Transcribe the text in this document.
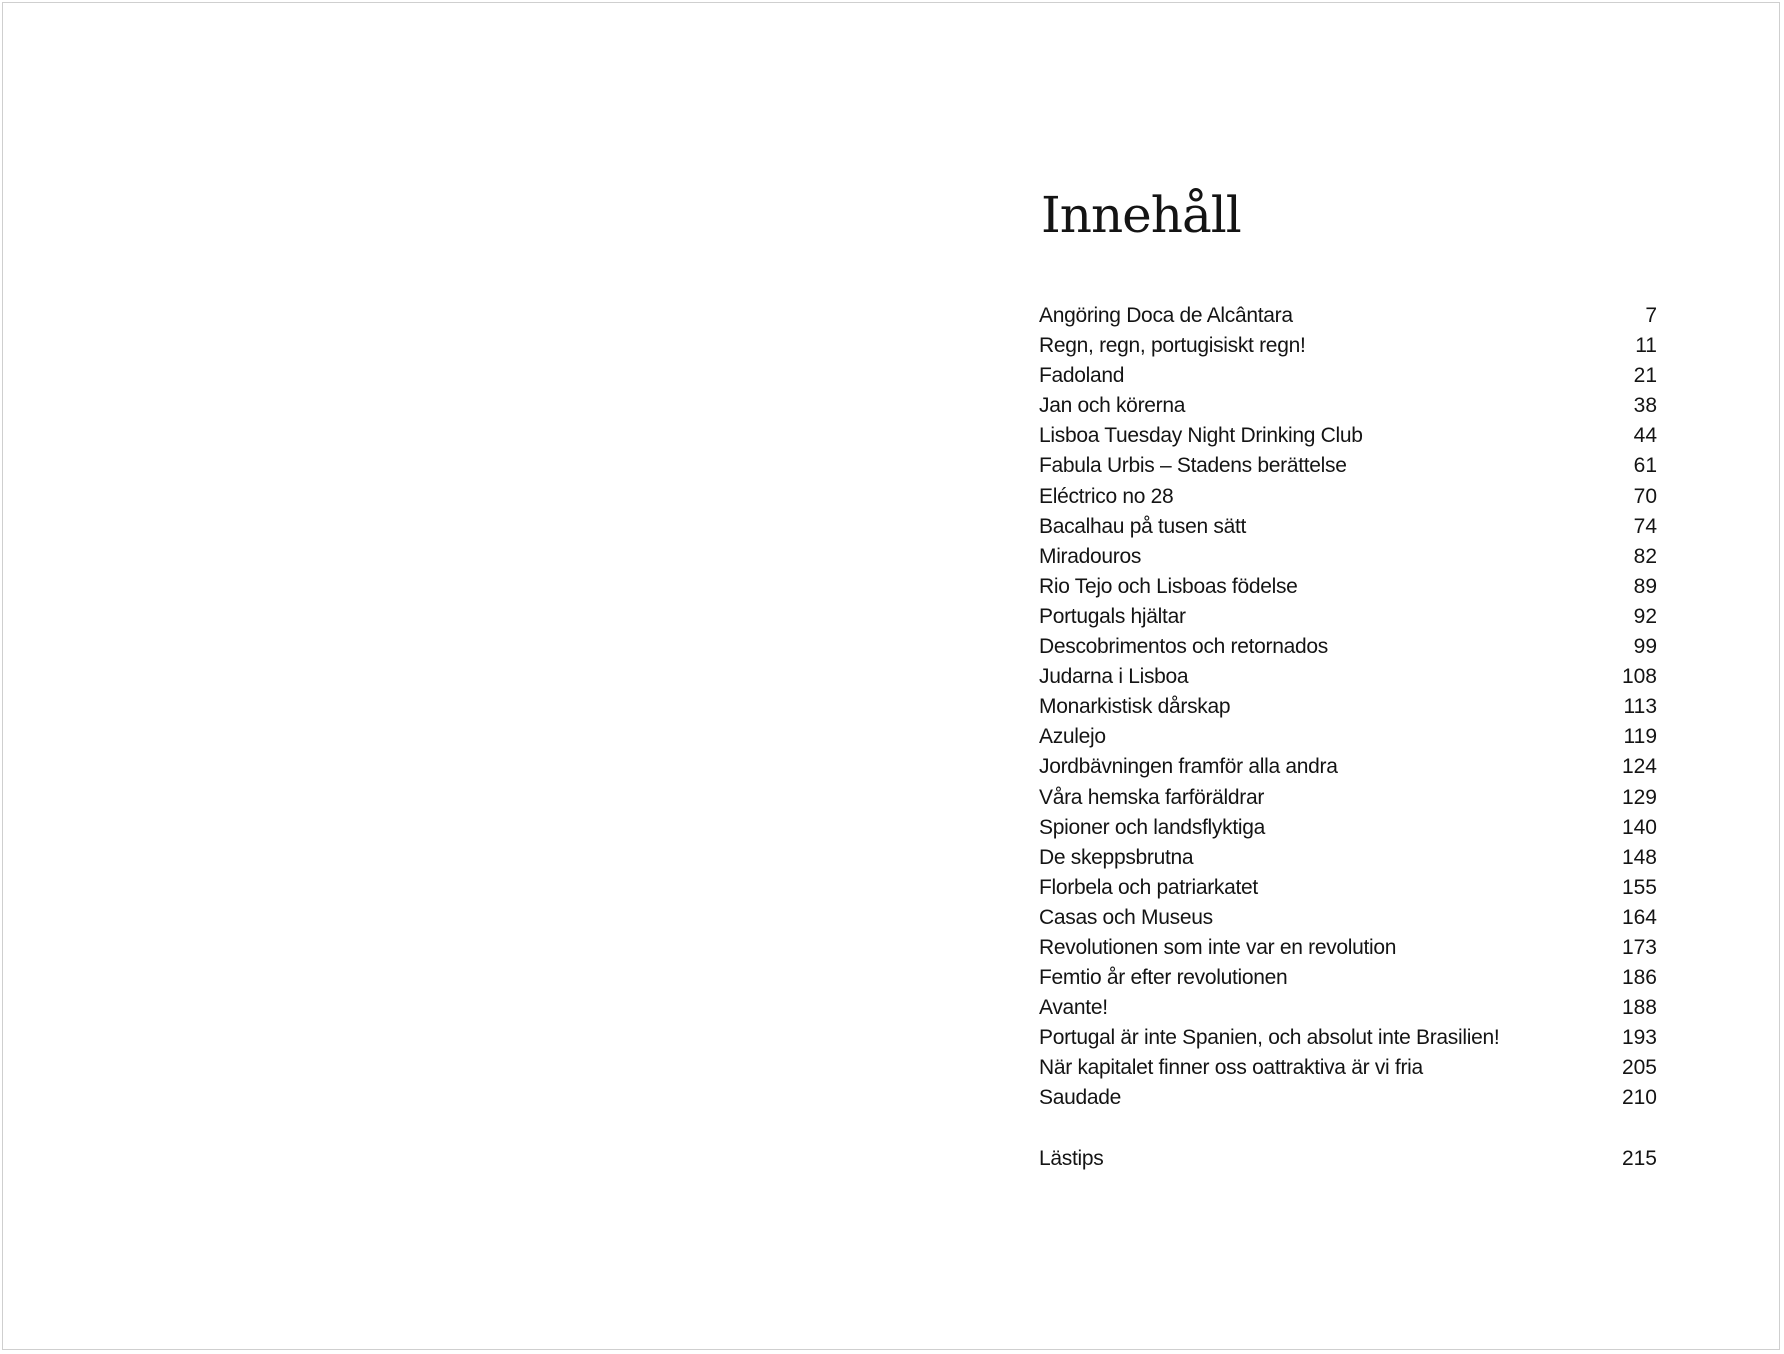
Innehåll
Angöring Doca de Alcântara	7
Regn, regn, portugisiskt regn!	11
Fadoland	21
Jan och körerna	38
Lisboa Tuesday Night Drinking Club	44
Fabula Urbis – Stadens berättelse	61
Eléctrico no 28	70
Bacalhau på tusen sätt	74
Miradouros	82
Rio Tejo och Lisboas födelse	89
Portugals hjältar	92
Descobrimentos och retornados	99
Judarna i Lisboa	108
Monarkistisk dårskap	113
Azulejo	119
Jordbävningen framför alla andra	124
Våra hemska farföräldrar	129
Spioner och landsflyktiga	140
De skeppsbrutna	148
Florbela och patriarkatet	155
Casas och Museus	164
Revolutionen som inte var en revolution	173
Femtio år efter revolutionen	186
Avante!	188
Portugal är inte Spanien, och absolut inte Brasilien!	193
När kapitalet finner oss oattraktiva är vi fria	205
Saudade	210
Lästips	215
